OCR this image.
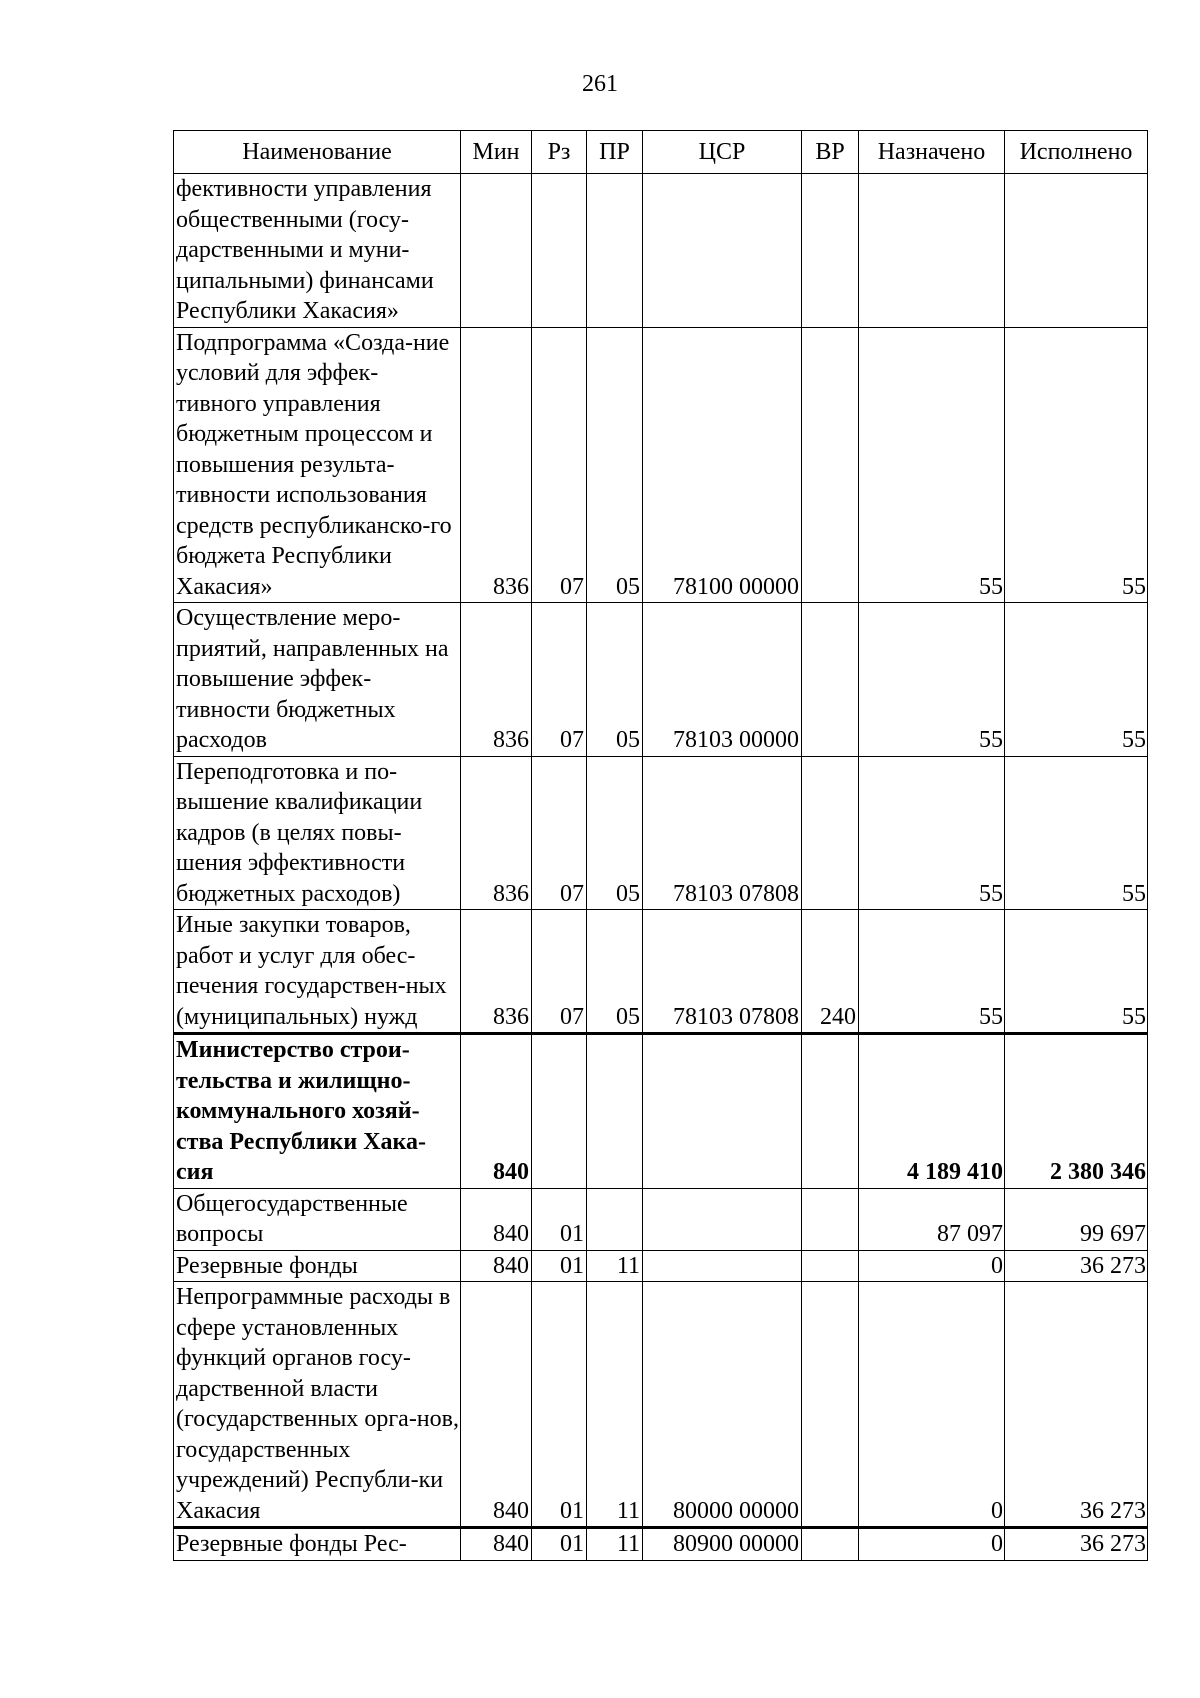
261
Наименование	Мин	Рз	ПР	ЦСР	ВР	Назначено	Исполнено
фективности управления общественными (госу-дарственными и муни-ципальными) финансами Республики Хакасия»							
Подпрограмма «Созда-ние условий для эффек-тивного управления бюджетным процессом и повышения результа-тивности использования средств республиканско-го бюджета Республики Хакасия»	836	07	05	78100 00000		55	55
Осуществление меро-приятий, направленных на повышение эффек-тивности бюджетных расходов	836	07	05	78103 00000		55	55
Переподготовка и по-вышение квалификации кадров (в целях повы-шения эффективности бюджетных расходов)	836	07	05	78103 07808		55	55
Иные закупки товаров, работ и услуг для обес-печения государствен-ных (муниципальных) нужд	836	07	05	78103 07808	240	55	55
Министерство строи-тельства и жилищно-коммунального хозяй-ства Республики Хака-сия	840					4 189 410	2 380 346
Общегосударственные вопросы	840	01				87 097	99 697
Резервные фонды	840	01	11			0	36 273
Непрограммные расходы в сфере установленных функций органов госу-дарственной власти (государственных орга-нов, государственных учреждений) Республи-ки Хакасия	840	01	11	80000 00000		0	36 273
Резервные фонды Рес-	840	01	11	80900 00000		0	36 273
